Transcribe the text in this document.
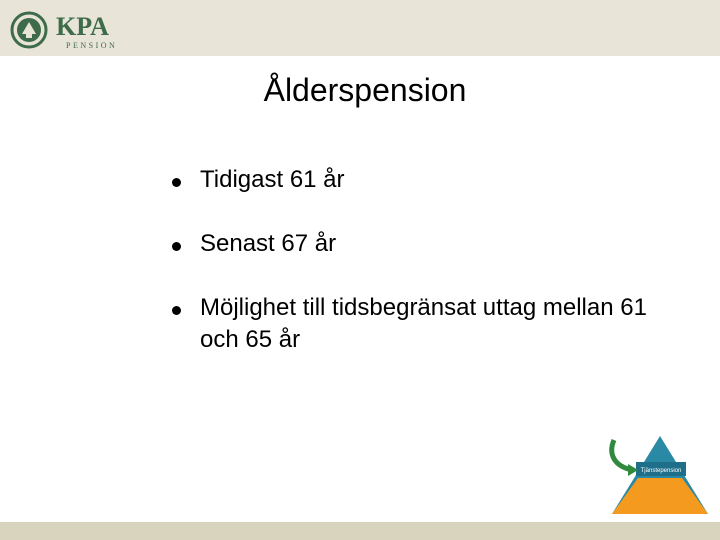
KPA
PENSION
Ålderspension
Tidigast 61 år
Senast 67 år
Möjlighet till tidsbegränsat uttag mellan 61 och 65 år
Tjänstepension
